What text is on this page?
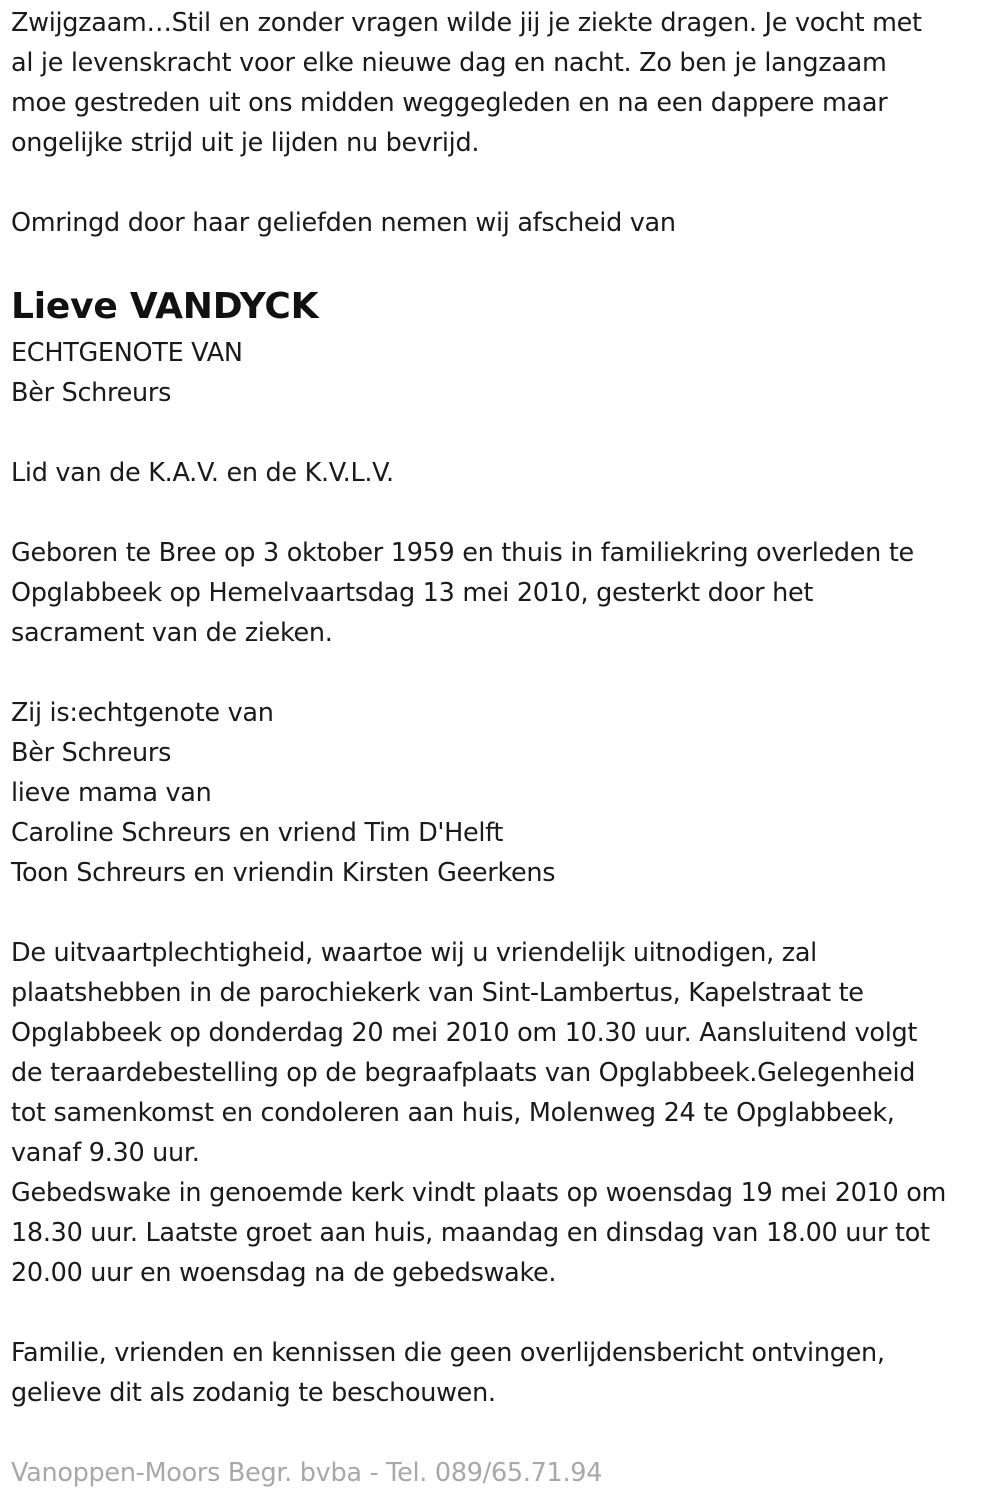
Zwijgzaam…Stil en zonder vragen wilde jij je ziekte dragen. Je vocht met
al je levenskracht voor elke nieuwe dag en nacht. Zo ben je langzaam
moe gestreden uit ons midden weggegleden en na een dappere maar
ongelijke strijd uit je lijden nu bevrijd.
Omringd door haar geliefden nemen wij afscheid van
Lieve VANDYCK
ECHTGENOTE VAN
Bèr Schreurs
Lid van de K.A.V. en de K.V.L.V.
Geboren te Bree op 3 oktober 1959 en thuis in familiekring overleden te
Opglabbeek op Hemelvaartsdag 13 mei 2010, gesterkt door het
sacrament van de zieken.
Zij is:echtgenote van
Bèr Schreurs
lieve mama van
Caroline Schreurs en vriend Tim D'Helft
Toon Schreurs en vriendin Kirsten Geerkens
De uitvaartplechtigheid, waartoe wij u vriendelijk uitnodigen, zal
plaatshebben in de parochiekerk van Sint-Lambertus, Kapelstraat te
Opglabbeek op donderdag 20 mei 2010 om 10.30 uur. Aansluitend volgt
de teraardebestelling op de begraafplaats van Opglabbeek.Gelegenheid
tot samenkomst en condoleren aan huis, Molenweg 24 te Opglabbeek,
vanaf 9.30 uur.
Gebedswake in genoemde kerk vindt plaats op woensdag 19 mei 2010 om
18.30 uur. Laatste groet aan huis, maandag en dinsdag van 18.00 uur tot
20.00 uur en woensdag na de gebedswake.
Familie, vrienden en kennissen die geen overlijdensbericht ontvingen,
gelieve dit als zodanig te beschouwen.
Vanoppen-Moors Begr. bvba - Tel. 089/65.71.94
